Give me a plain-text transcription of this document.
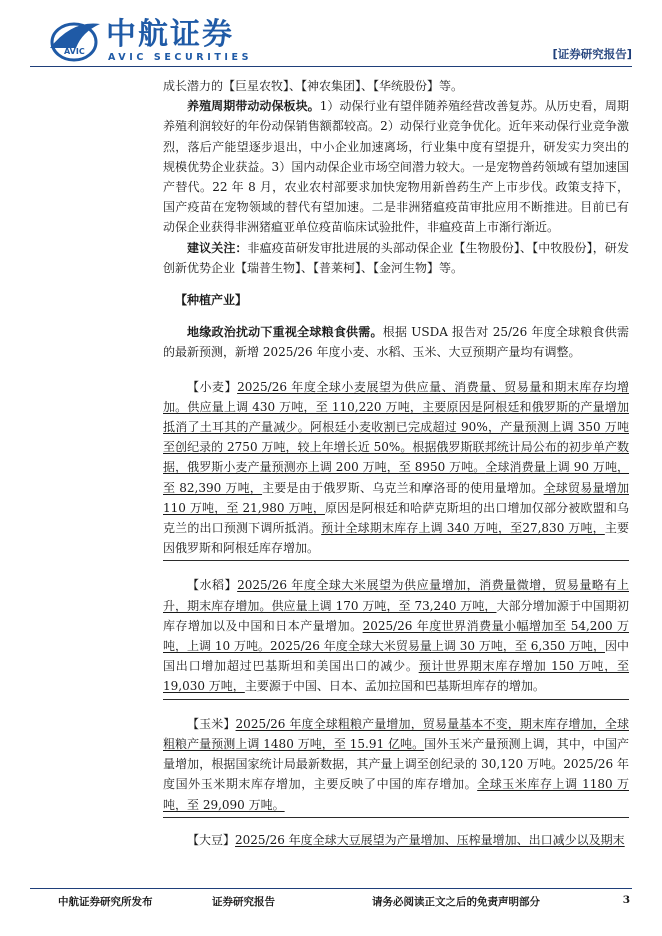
AVIC 中航证券
AVIC SECURITIES	[证券研究报告]

成长潜力的【巨星农牧】、【神农集团】、【华统股份】等。

养殖周期带动动保板块。1）动保行业有望伴随养殖经营改善复苏。从历史看，周期养殖利润较好的年份动保销售额都较高。2）动保行业竞争优化。近年来动保行业竞争激烈，落后产能望逐步退出，中小企业加速离场，行业集中度有望提升，研发实力突出的规模优势企业获益。3）国内动保企业市场空间潜力较大。一是宠物兽药领域有望加速国产替代。22 年 8 月，农业农村部要求加快宠物用新兽药生产上市步伐。政策支持下，国产疫苗在宠物领域的替代有望加速。二是非洲猪瘟疫苗审批应用不断推进。目前已有动保企业获得非洲猪瘟亚单位疫苗临床试验批件，非瘟疫苗上市渐行渐近。

建议关注：非瘟疫苗研发审批进展的头部动保企业【生物股份】、【中牧股份】，研发创新优势企业【瑞普生物】、【普莱柯】、【金河生物】等。

【种植产业】

地缘政治扰动下重视全球粮食供需。根据 USDA 报告对 25/26 年度全球粮食供需的最新预测，新增 2025/26 年度小麦、水稻、玉米、大豆预期产量均有调整。

【小麦】2025/26 年度全球小麦展望为供应量、消费量、贸易量和期末库存均增加。供应量上调 430 万吨，至 110,220 万吨，主要原因是阿根廷和俄罗斯的产量增加抵消了土耳其的产量减少。阿根廷小麦收割已完成超过 90%，产量预测上调 350 万吨至创纪录的 2750 万吨，较上年增长近 50%。根据俄罗斯联邦统计局公布的初步单产数据，俄罗斯小麦产量预测亦上调 200 万吨，至 8950 万吨。全球消费量上调 90 万吨，至 82,390 万吨，主要是由于俄罗斯、乌克兰和摩洛哥的使用量增加。全球贸易量增加 110 万吨，至 21,980 万吨，原因是阿根廷和哈萨克斯坦的出口增加仅部分被欧盟和乌克兰的出口预测下调所抵消。预计全球期末库存上调 340 万吨，至27,830 万吨，主要因俄罗斯和阿根廷库存增加。

【水稻】2025/26 年度全球大米展望为供应量增加，消费量微增，贸易量略有上升，期末库存增加。供应量上调 170 万吨，至 73,240 万吨，大部分增加源于中国期初库存增加以及中国和日本产量增加。2025/26 年度世界消费量小幅增加至 54,200 万吨，上调 10 万吨。2025/26 年度全球大米贸易量上调 30 万吨，至 6,350 万吨，因中国出口增加超过巴基斯坦和美国出口的减少。预计世界期末库存增加 150 万吨，至 19,030 万吨，主要源于中国、日本、孟加拉国和巴基斯坦库存的增加。

【玉米】2025/26 年度全球粗粮产量增加，贸易量基本不变，期末库存增加，全球粗粮产量预测上调 1480 万吨，至 15.91 亿吨。国外玉米产量预测上调，其中，中国产量增加，根据国家统计局最新数据，其产量上调至创纪录的 30,120 万吨。2025/26 年度国外玉米期末库存增加，主要反映了中国的库存增加。全球玉米库存上调 1180 万吨，至 29,090 万吨。

【大豆】2025/26 年度全球大豆展望为产量增加、压榨量增加、出口减少以及期末

中航证券研究所发布	证券研究报告	请务必阅读正文之后的免责声明部分	3
